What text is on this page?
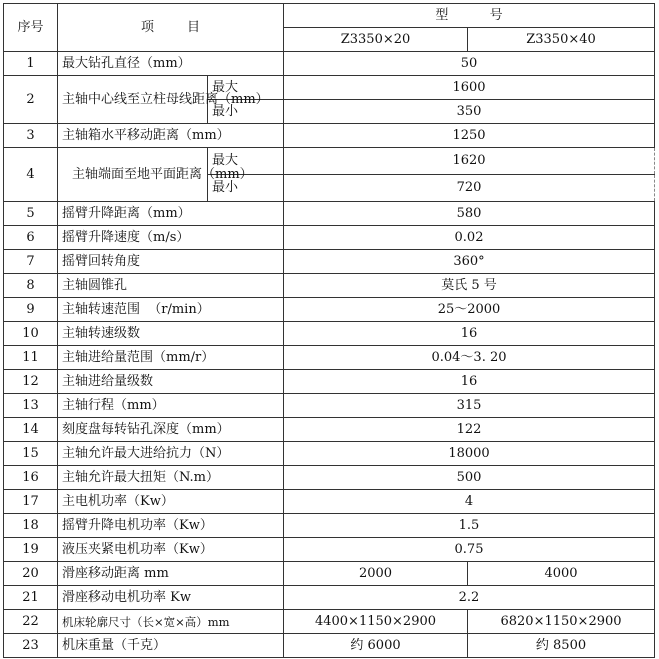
序号	项        目		型          号	
			Z3350×20	Z3350×40
1	最大钻孔直径（mm）		50	
2	主轴中心线至立柱母线距离（mm）	最大	1600	
		最小	350	
3	主轴箱水平移动距离（mm）		1250	
4	主轴端面至地平面距离（mm）	最大	1620	
		最小	720	
5	摇臂升降距离（mm）		580	
6	摇臂升降速度（m/s）		0.02	
7	摇臂回转角度		360°	
8	主轴圆锥孔		莫氏 5 号	
9	主轴转速范围  （r/min）		25～2000	
10	主轴转速级数		16	
11	主轴进给量范围（mm/r）		0.04～3. 20	
12	主轴进给量级数		16	
13	主轴行程（mm）		315	
14	刻度盘每转钻孔深度（mm）		122	
15	主轴允许最大进给抗力（N）		18000	
16	主轴允许最大扭矩（N.m）		500	
17	主电机功率（Kw）		4	
18	摇臂升降电机功率（Kw）		1.5	
19	液压夹紧电机功率（Kw）		0.75	
20	滑座移动距离 mm		2000	4000
21	滑座移动电机功率 Kw		2.2	
22	机床轮廓尺寸（长×宽×高）mm		4400×1150×2900	6820×1150×2900
23	机床重量（千克）		约 6000	约 8500
